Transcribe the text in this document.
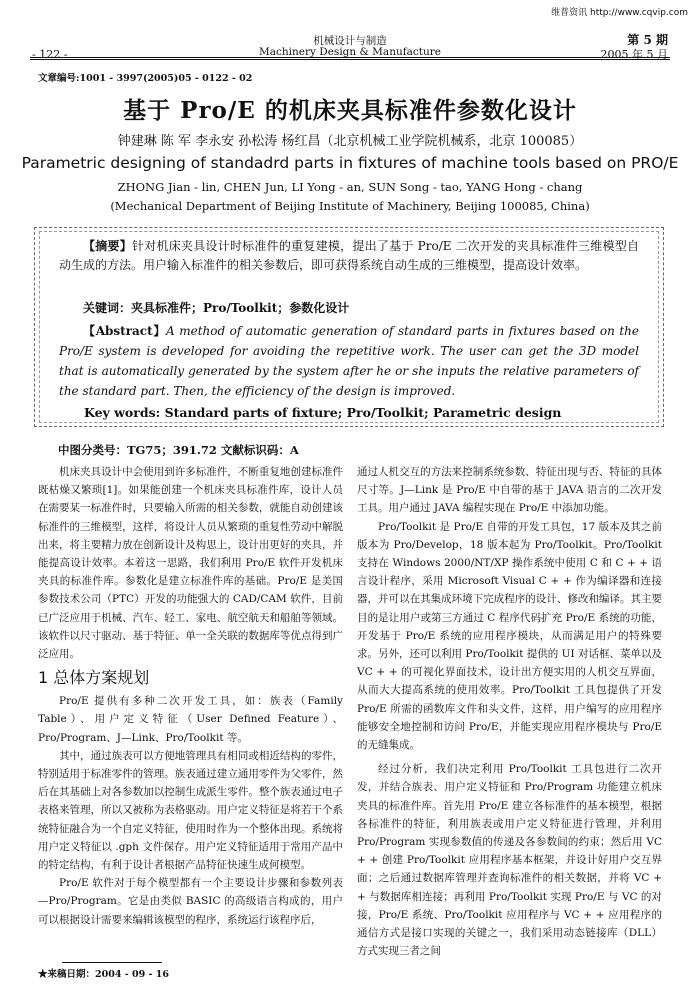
维普资讯 http://www.cqvip.com
机械设计与制造	第 5 期
- 122 -	Machinery Design & Manufacture	2005 年 5 月
文章编号:1001 - 3997(2005)05 - 0122 - 02
基于 Pro/E 的机床夹具标准件参数化设计
钟建琳 陈 军 李永安 孙松涛 杨红昌（北京机械工业学院机械系，北京 100085）
Parametric designing of standadrd parts in fixtures of machine tools based on PRO/E
ZHONG Jian - lin, CHEN Jun, LI Yong - an, SUN Song - tao, YANG Hong - chang
(Mechanical Department of Beijing Institute of Machinery, Beijing 100085, China)
【摘要】针对机床夹具设计时标准件的重复建模，提出了基于 Pro/E 二次开发的夹具标准件三维模型自动生成的方法。用户输入标准件的相关参数后，即可获得系统自动生成的三维模型，提高设计效率。
关键词：夹具标准件；Pro/Toolkit；参数化设计
【Abstract】A method of automatic generation of standard parts in fixtures based on the Pro/E system is developed for avoiding the repetitive work. The user can get the 3D model that is automatically generated by the system after he or she inputs the relative parameters of the standard part. Then, the efficiency of the design is improved.
Key words: Standard parts of fixture; Pro/Toolkit; Parametric design
中图分类号：TG75；391.72 文献标识码：A

机床夹具设计中会使用到许多标准件，不断重复地创建标准件既枯燥又繁琐[1]。如果能创建一个机床夹具标准件库，设计人员在需要某一标准件时，只要输入所需的相关参数，就能自动创建该标准件的三维模型，这样，将设计人员从繁琐的重复性劳动中解脱出来，将主要精力放在创新设计及构思上，设计出更好的夹具，并能提高设计效率。本着这一思路，我们利用 Pro/E 软件开发机床夹具的标准件库。参数化是建立标准件库的基础。Pro/E 是美国参数技术公司（PTC）开发的功能强大的 CAD/CAM 软件，目前已广泛应用于机械、汽车、轻工、家电、航空航天和船舶等领域。该软件以尺寸驱动、基于特征、单一全关联的数据库等优点得到广泛应用。

1 总体方案规划

Pro/E 提供有多种二次开发工具，如：族表（Family Table）、用户定义特征（User Defined Feature）、Pro/Program、J—Link、Pro/Toolkit 等。

其中，通过族表可以方便地管理具有相同或相近结构的零件，特别适用于标准零件的管理。族表通过建立通用零件为父零件，然后在其基础上对各参数加以控制生成派生零件。整个族表通过电子表格来管理，所以又被称为表格驱动。用户定义特征是将若干个系统特征融合为一个自定义特征，使用时作为一个整体出现。系统将用户定义特征以 .gph 文件保存。用户定义特征适用于常用产品中的特定结构，有利于设计者根据产品特征快速生成何模型。

Pro/E 软件对于每个模型都有一个主要设计步骤和参数列表—Pro/Program。它是由类似 BASIC 的高级语言构成的，用户可以根据设计需要来编辑该模型的程序，系统运行该程序后，

★来稿日期：2004 - 09 - 16

通过人机交互的方法来控制系统参数、特征出现与否、特征的具体尺寸等。J—Link 是 Pro/E 中自带的基于 JAVA 语言的二次开发工具。用户通过 JAVA 编程实现在 Pro/E 中添加功能。

Pro/Toolkit 是 Pro/E 自带的开发工具包，17 版本及其之前版本为 Pro/Develop，18 版本起为 Pro/Toolkit。Pro/Toolkit 支持在 Windows 2000/NT/XP 操作系统中使用 C 和 C + + 语言设计程序，采用 Microsoft Visual C + + 作为编译器和连接器，并可以在其集成环境下完成程序的设计、修改和编译。其主要目的是让用户或第三方通过 C 程序代码扩充 Pro/E 系统的功能，开发基于 Pro/E 系统的应用程序模块，从而满足用户的特殊要求。另外，还可以利用 Pro/Toolkit 提供的 UI 对话框、菜单以及 VC + + 的可视化界面技术，设计出方便实用的人机交互界面，从而大大提高系统的使用效率。Pro/Toolkit 工具包提供了开发 Pro/E 所需的函数库文件和头文件，这样，用户编写的应用程序能够安全地控制和访问 Pro/E，并能实现应用程序模块与 Pro/E 的无缝集成。

经过分析，我们决定利用 Pro/Toolkit 工具包进行二次开发，并结合族表、用户定义特征和 Pro/Program 功能建立机床夹具的标准件库。首先用 Pro/E 建立各标准件的基本模型，根据各标准件的特征，利用族表或用户定义特征进行管理，并利用 Pro/Program 实现参数值的传递及各参数间的约束；然后用 VC + + 创建 Pro/Toolkit 应用程序基本框架，并设计好用户交互界面；之后通过数据库管理并查询标准件的相关数据，并将 VC + + 与数据库相连接；再利用 Pro/Toolkit 实现 Pro/E 与 VC 的对接，Pro/E 系统、Pro/Toolkit 应用程序与 VC + + 应用程序的通信方式是接口实现的关键之一，我们采用动态链接库（DLL）方式实现三者之间
